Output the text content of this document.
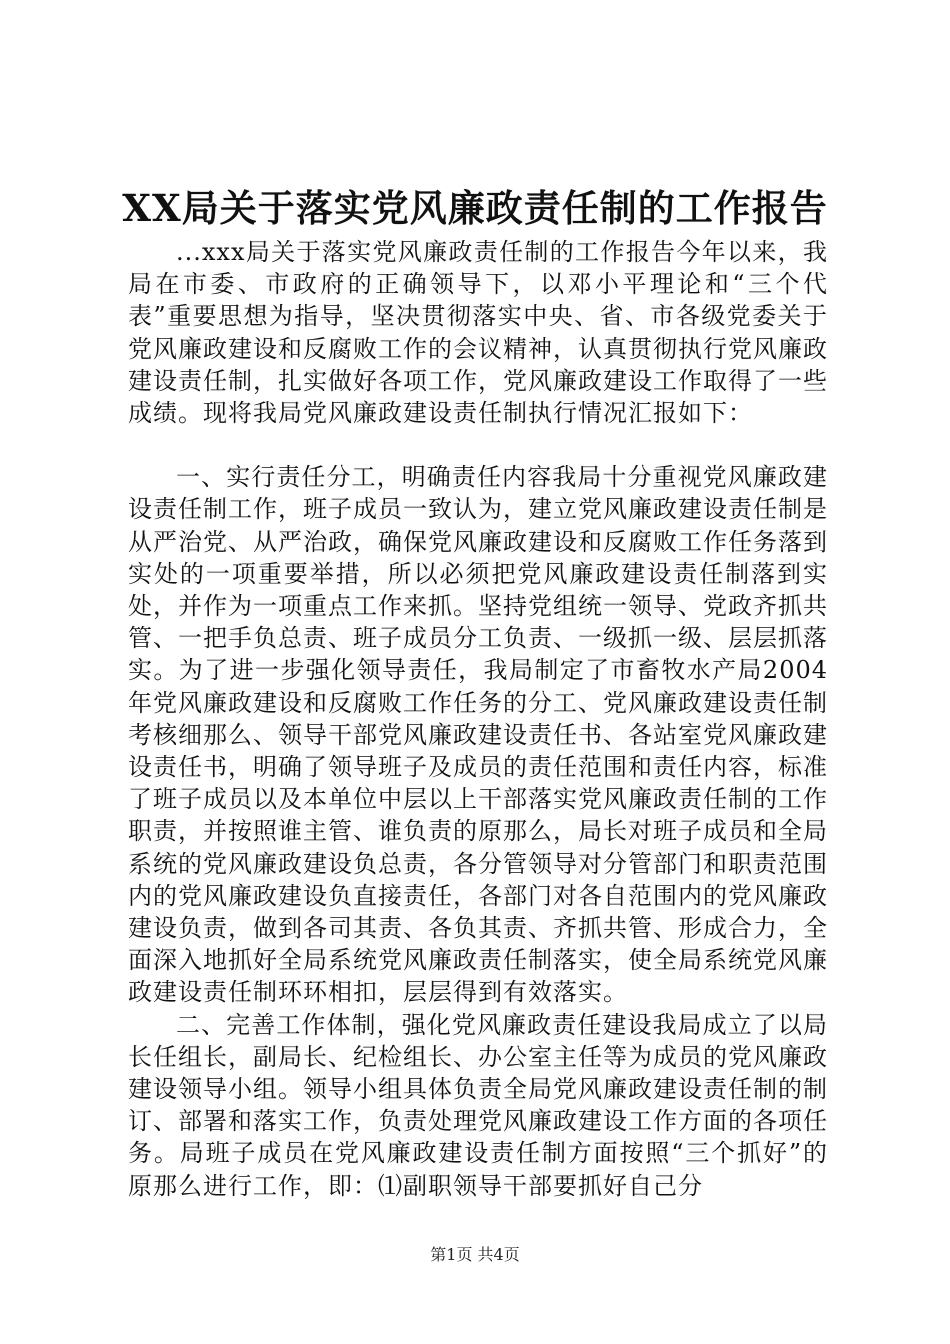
XX局关于落实党风廉政责任制的工作报告

...xxx局关于落实党风廉政责任制的工作报告今年以来，我局在市委、市政府的正确领导下，以邓小平理论和“三个代表”重要思想为指导，坚决贯彻落实中央、省、市各级党委关于党风廉政建设和反腐败工作的会议精神，认真贯彻执行党风廉政建设责任制，扎实做好各项工作，党风廉政建设工作取得了一些成绩。现将我局党风廉政建设责任制执行情况汇报如下：

一、实行责任分工，明确责任内容我局十分重视党风廉政建设责任制工作，班子成员一致认为，建立党风廉政建设责任制是从严治党、从严治政，确保党风廉政建设和反腐败工作任务落到实处的一项重要举措，所以必须把党风廉政建设责任制落到实处，并作为一项重点工作来抓。坚持党组统一领导、党政齐抓共管、一把手负总责、班子成员分工负责、一级抓一级、层层抓落实。为了进一步强化领导责任，我局制定了市畜牧水产局2004年党风廉政建设和反腐败工作任务的分工、党风廉政建设责任制考核细那么、领导干部党风廉政建设责任书、各站室党风廉政建设责任书，明确了领导班子及成员的责任范围和责任内容，标准了班子成员以及本单位中层以上干部落实党风廉政责任制的工作职责，并按照谁主管、谁负责的原那么，局长对班子成员和全局系统的党风廉政建设负总责，各分管领导对分管部门和职责范围内的党风廉政建设负直接责任，各部门对各自范围内的党风廉政建设负责，做到各司其责、各负其责、齐抓共管、形成合力，全面深入地抓好全局系统党风廉政责任制落实，使全局系统党风廉政建设责任制环环相扣，层层得到有效落实。

二、完善工作体制，强化党风廉政责任建设我局成立了以局长任组长，副局长、纪检组长、办公室主任等为成员的党风廉政建设领导小组。领导小组具体负责全局党风廉政建设责任制的制订、部署和落实工作，负责处理党风廉政建设工作方面的各项任务。局班子成员在党风廉政建设责任制方面按照“三个抓好”的原那么进行工作，即：⑴副职领导干部要抓好自己分

第1页 共4页
